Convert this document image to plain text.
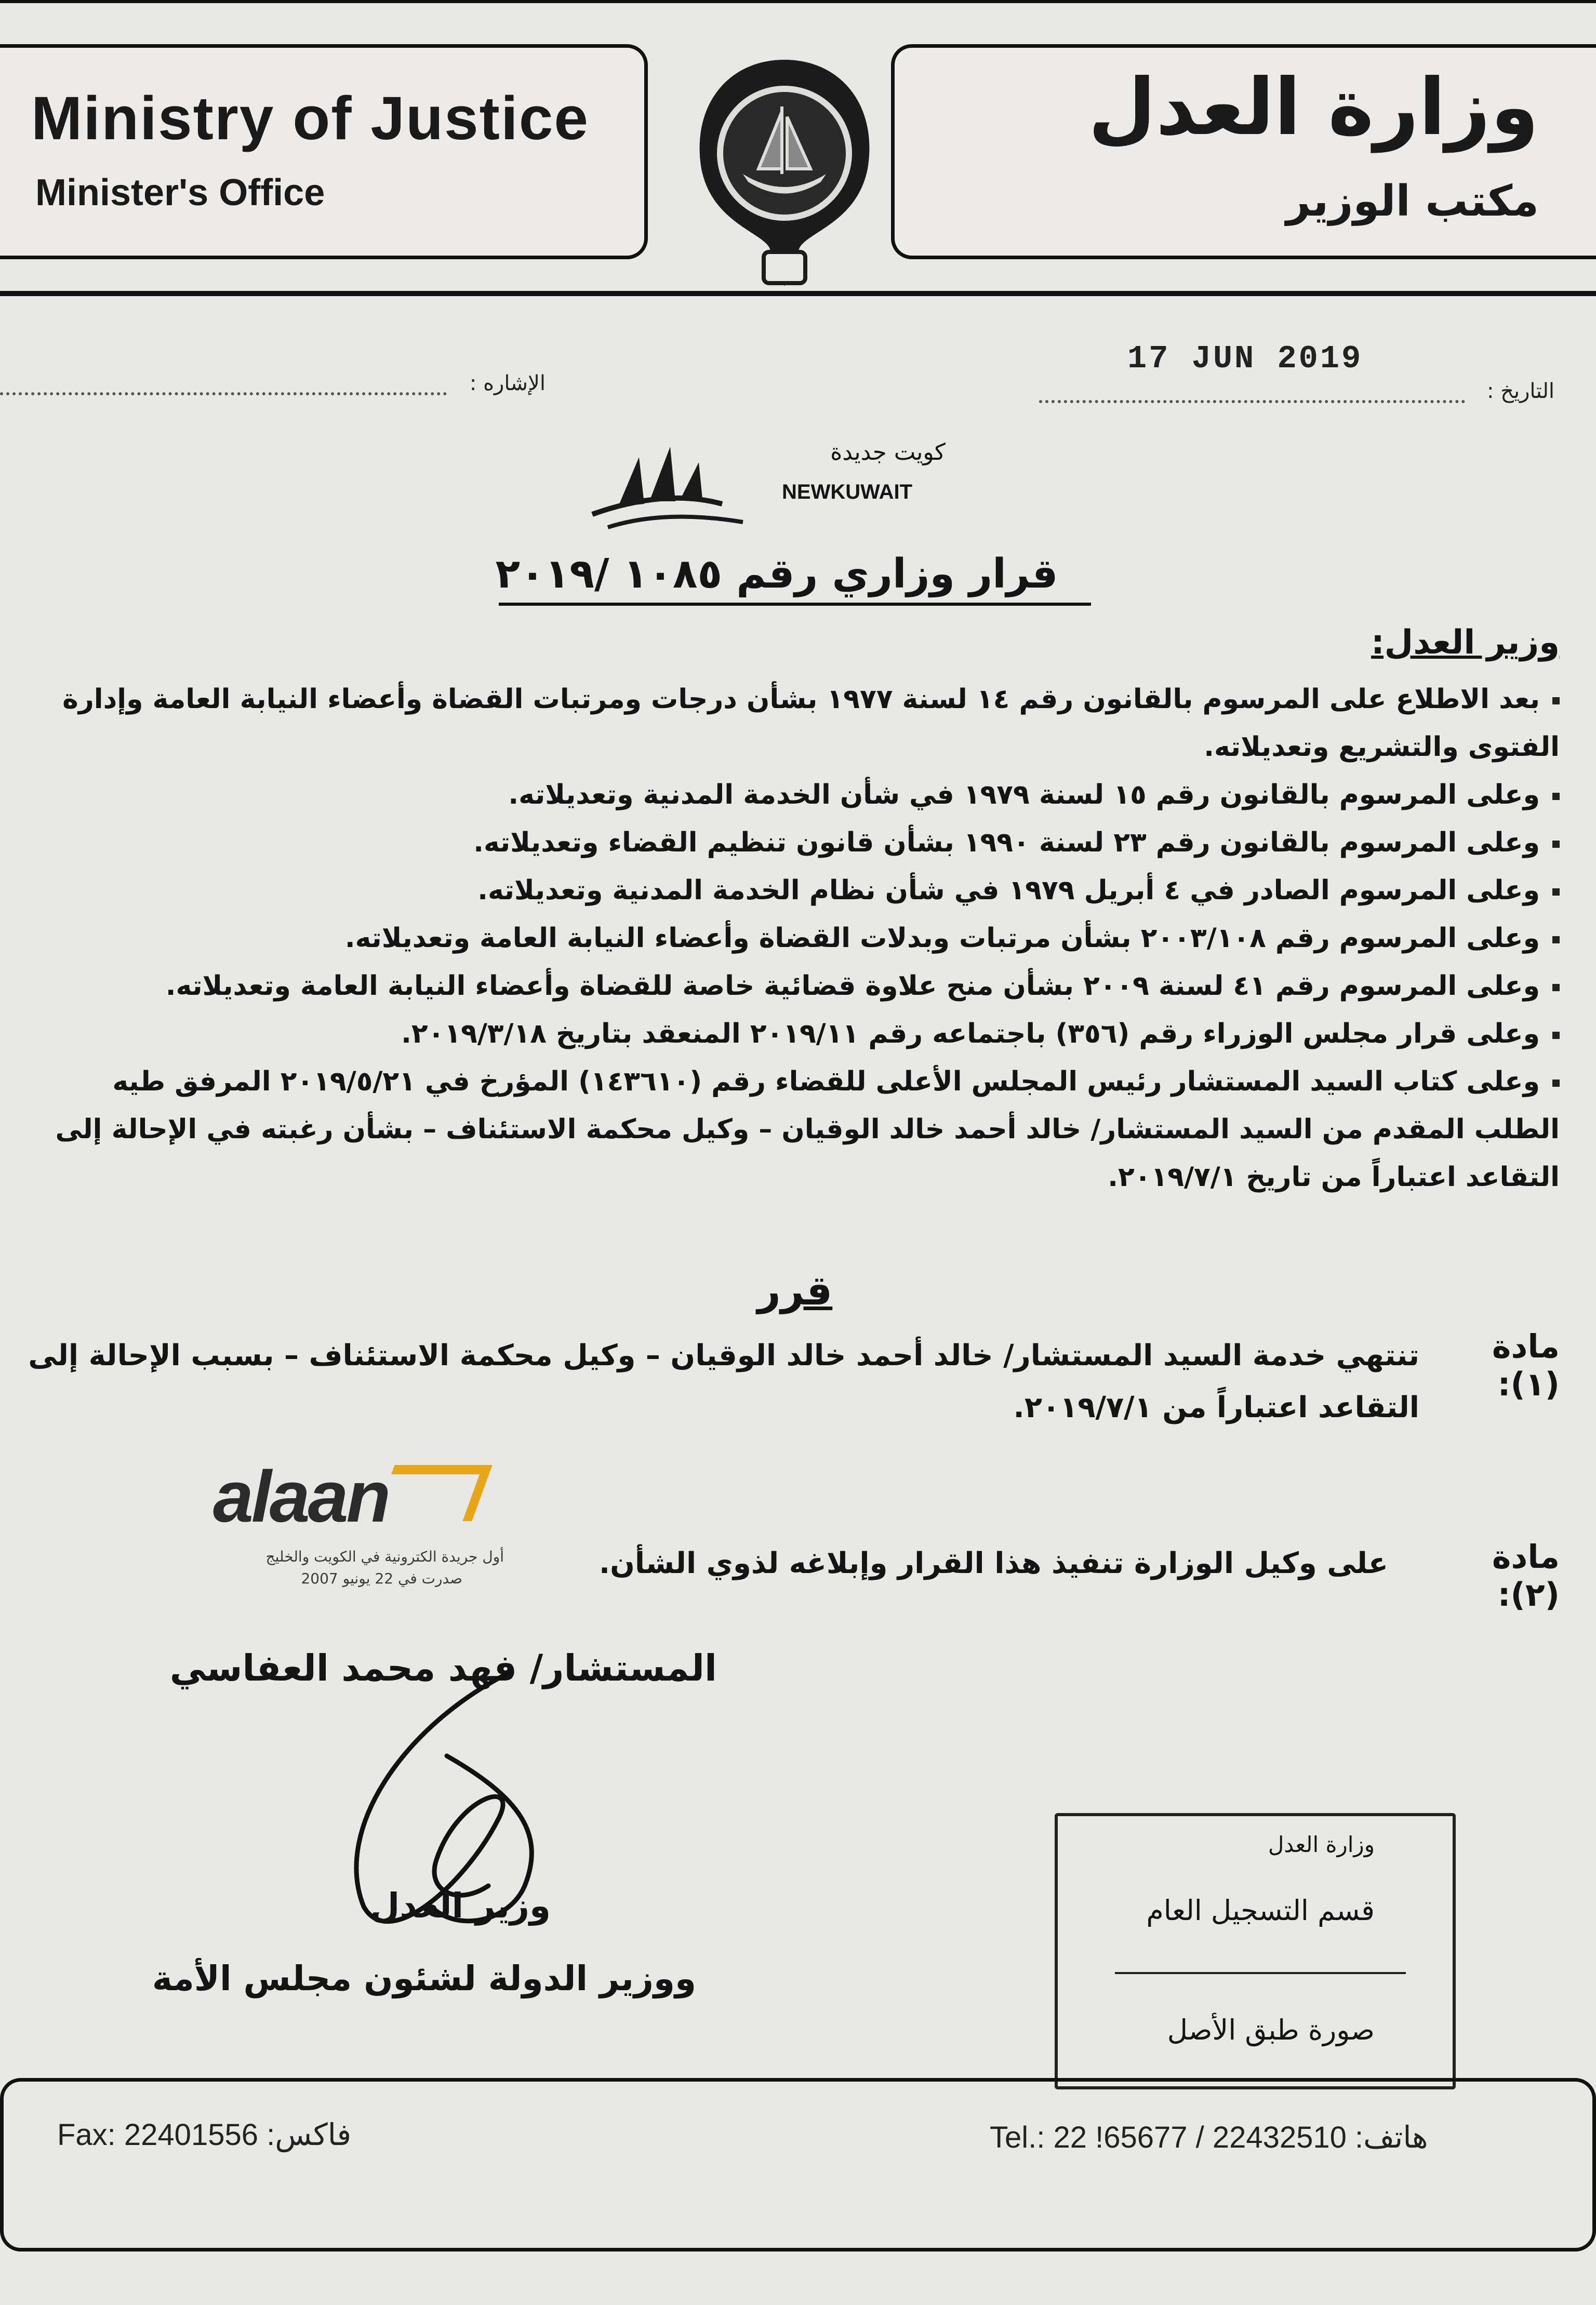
Ministry of Justice
Minister's Office
وزارة العدل
مكتب الوزير
التاريخ :
17 JUN 2019
الإشاره :
كويت جديدة
NEWKUWAIT
قرار وزاري رقم ١٠٨٥ /٢٠١٩
وزير العدل:
بعد الاطلاع على المرسوم بالقانون رقم ١٤ لسنة ١٩٧٧ بشأن درجات ومرتبات القضاة وأعضاء النيابة العامة وإدارة الفتوى والتشريع وتعديلاته.
وعلى المرسوم بالقانون رقم ١٥ لسنة ١٩٧٩ في شأن الخدمة المدنية وتعديلاته.
وعلى المرسوم بالقانون رقم ٢٣ لسنة ١٩٩٠ بشأن قانون تنظيم القضاء وتعديلاته.
وعلى المرسوم الصادر في ٤ أبريل ١٩٧٩ في شأن نظام الخدمة المدنية وتعديلاته.
وعلى المرسوم رقم ٢٠٠٣/١٠٨ بشأن مرتبات وبدلات القضاة وأعضاء النيابة العامة وتعديلاته.
وعلى المرسوم رقم ٤١ لسنة ٢٠٠٩ بشأن منح علاوة قضائية خاصة للقضاة وأعضاء النيابة العامة وتعديلاته.
وعلى قرار مجلس الوزراء رقم (٣٥٦) باجتماعه رقم ٢٠١٩/١١ المنعقد بتاريخ ٢٠١٩/٣/١٨.
وعلى كتاب السيد المستشار رئيس المجلس الأعلى للقضاء رقم (١٤٣٦١٠) المؤرخ في ٢٠١٩/٥/٢١ المرفق طيه الطلب المقدم من السيد المستشار/ خالد أحمد خالد الوقيان – وكيل محكمة الاستئناف – بشأن رغبته في الإحالة إلى التقاعد اعتباراً من تاريخ ٢٠١٩/٧/١.
قرر
مادة (١):
تنتهي خدمة السيد المستشار/ خالد أحمد خالد الوقيان – وكيل محكمة الاستئناف – بسبب الإحالة إلى التقاعد اعتباراً من ٢٠١٩/٧/١.
alaan
أول جريدة الكترونية في الكويت والخليج
صدرت في 22 يونيو 2007
مادة (٢):
على وكيل الوزارة تنفيذ هذا القرار وإبلاغه لذوي الشأن.
المستشار/ فهد محمد العفاسي
وزير العدل
ووزير الدولة لشئون مجلس الأمة
وزارة العدل
قسم التسجيل العام
صورة طبق الأصل
Fax: 22401556 :فاكس	Tel.: 22 !65677 / 22432510 :هاتف
